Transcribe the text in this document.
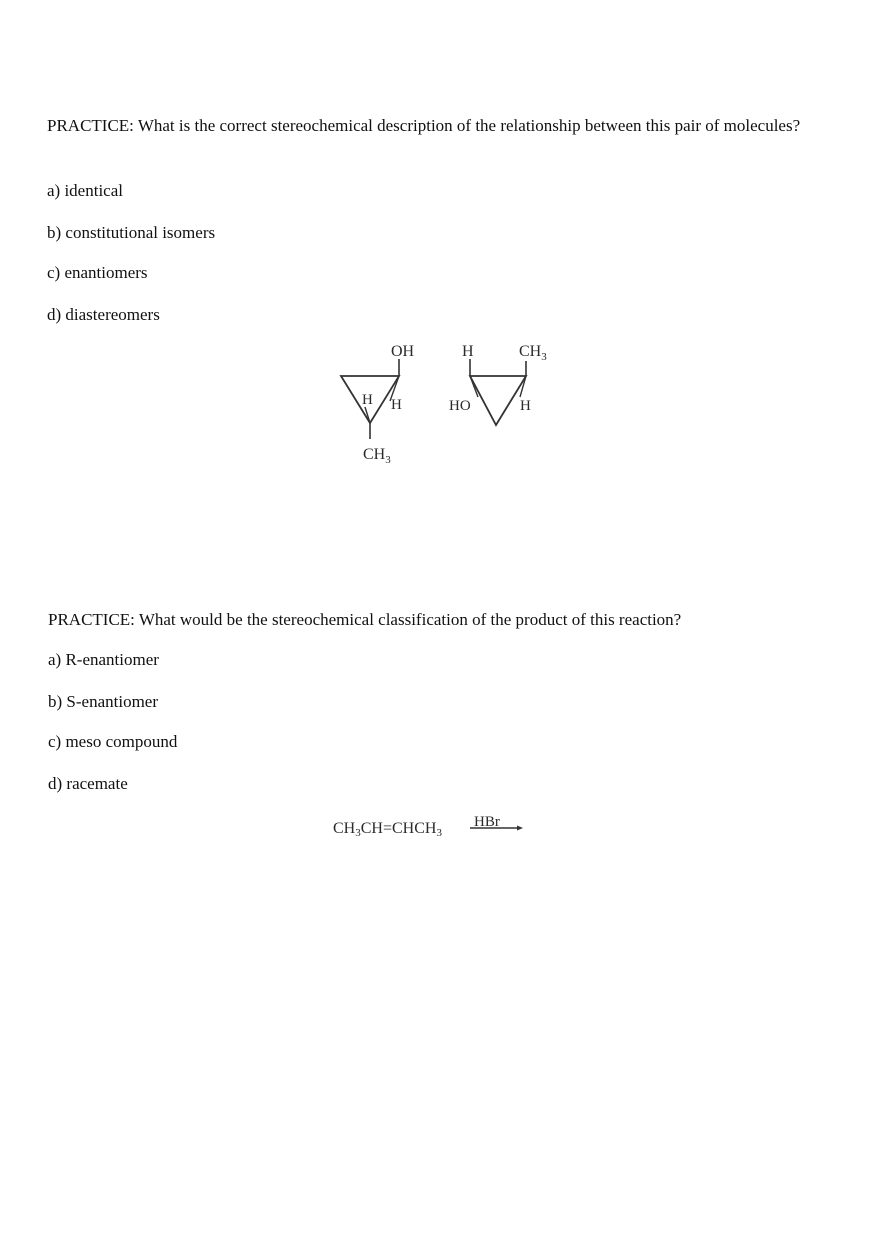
PRACTICE: What is the correct stereochemical description of the relationship between this pair of molecules?

a) identical

b) constitutional isomers

c) enantiomers

d) diastereomers

OH
H H
$CH_3$
H	$CH_3$
HO	H

PRACTICE: What would be the stereochemical classification of the product of this reaction?

a) R-enantiomer

b) S-enantiomer

c) meso compound

d) racemate

CH3CH=CHCH3
HBr
